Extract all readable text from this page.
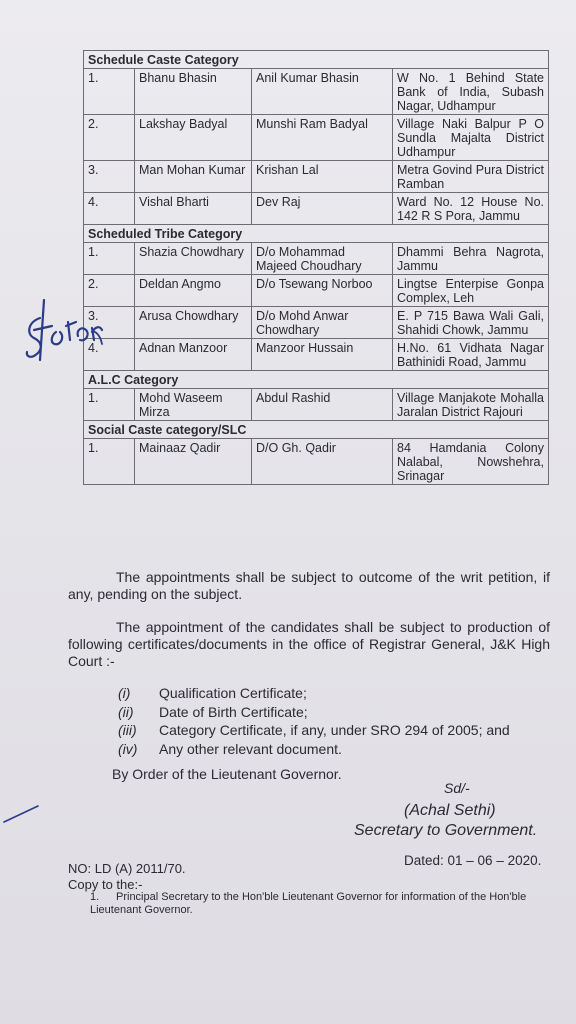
Schedule Caste Category			
1.	Bhanu Bhasin	Anil Kumar Bhasin	W No. 1 Behind State Bank of India, Subash Nagar, Udhampur
2.	Lakshay Badyal	Munshi Ram Badyal	Village Naki Balpur P O Sundla Majalta District Udhampur
3.	Man Mohan Kumar	Krishan Lal	Metra Govind Pura District Ramban
4.	Vishal Bharti	Dev Raj	Ward No. 12 House No. 142 R S Pora, Jammu
Scheduled Tribe Category			
1.	Shazia Chowdhary	D/o Mohammad Majeed Choudhary	Dhammi Behra Nagrota, Jammu
2.	Deldan Angmo	D/o Tsewang Norboo	Lingtse Enterpise Gonpa Complex, Leh
3.	Arusa Chowdhary	D/o Mohd Anwar Chowdhary	E. P 715 Bawa Wali Gali, Shahidi Chowk, Jammu
4.	Adnan Manzoor	Manzoor Hussain	H.No. 61 Vidhata Nagar Bathinidi Road, Jammu
A.L.C Category			
1.	Mohd Waseem Mirza	Abdul Rashid	Village Manjakote Mohalla Jaralan District Rajouri
Social Caste category/SLC			
1.	Mainaaz Qadir	D/O Gh. Qadir	84 Hamdania Colony Nalabal, Nowshehra, Srinagar
The appointments shall be subject to outcome of the writ petition, if any, pending on the subject.
The appointment of the candidates shall be subject to production of following certificates/documents in the office of Registrar General, J&K High Court :-
(i)	Qualification Certificate;
(ii)	Date of Birth Certificate;
(iii)	Category Certificate, if any, under SRO 294 of 2005; and
(iv)	Any other relevant document.
By Order of the Lieutenant Governor.
Sd/-
(Achal Sethi)
Secretary to Government.
Dated: 01 – 06 – 2020.
NO: LD (A) 2011/70.
Copy to the:-
1. Principal Secretary to the Hon'ble Lieutenant Governor for information of the Hon'ble Lieutenant Governor.
